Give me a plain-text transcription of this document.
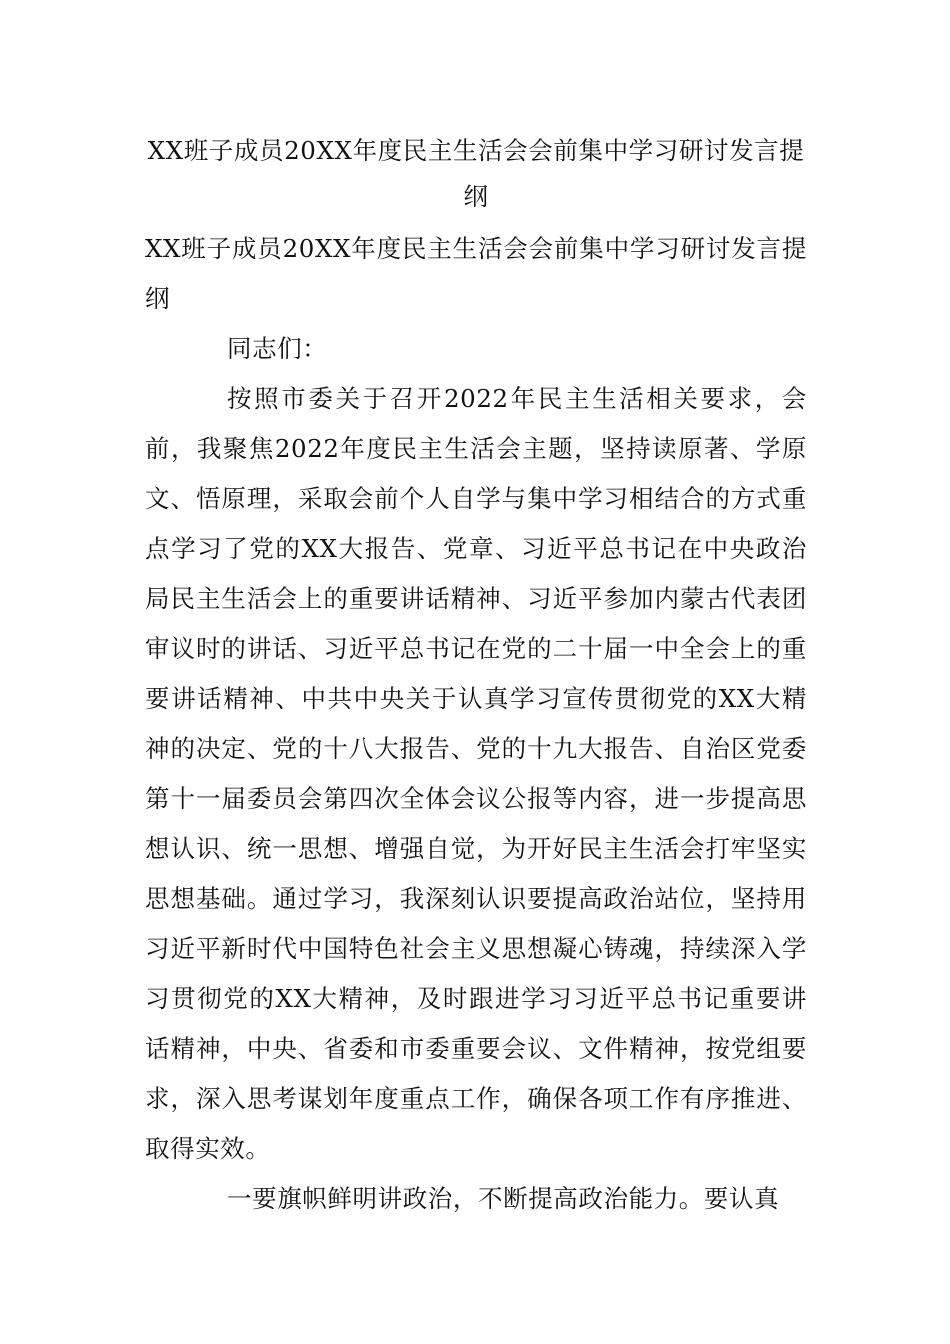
XX班子成员20XX年度民主生活会会前集中学习研讨发言提纲

XX班子成员20XX年度民主生活会会前集中学习研讨发言提纲

同志们：

按照市委关于召开2022年民主生活相关要求，会前，我聚焦2022年度民主生活会主题，坚持读原著、学原文、悟原理，采取会前个人自学与集中学习相结合的方式重点学习了党的XX大报告、党章、习近平总书记在中央政治局民主生活会上的重要讲话精神、习近平参加内蒙古代表团审议时的讲话、习近平总书记在党的二十届一中全会上的重要讲话精神、中共中央关于认真学习宣传贯彻党的XX大精神的决定、党的十八大报告、党的十九大报告、自治区党委第十一届委员会第四次全体会议公报等内容，进一步提高思想认识、统一思想、增强自觉，为开好民主生活会打牢坚实思想基础。通过学习，我深刻认识要提高政治站位，坚持用习近平新时代中国特色社会主义思想凝心铸魂，持续深入学习贯彻党的XX大精神，及时跟进学习习近平总书记重要讲话精神，中央、省委和市委重要会议、文件精神，按党组要求，深入思考谋划年度重点工作，确保各项工作有序推进、取得实效。

一要旗帜鲜明讲政治，不断提高政治能力。要认真
